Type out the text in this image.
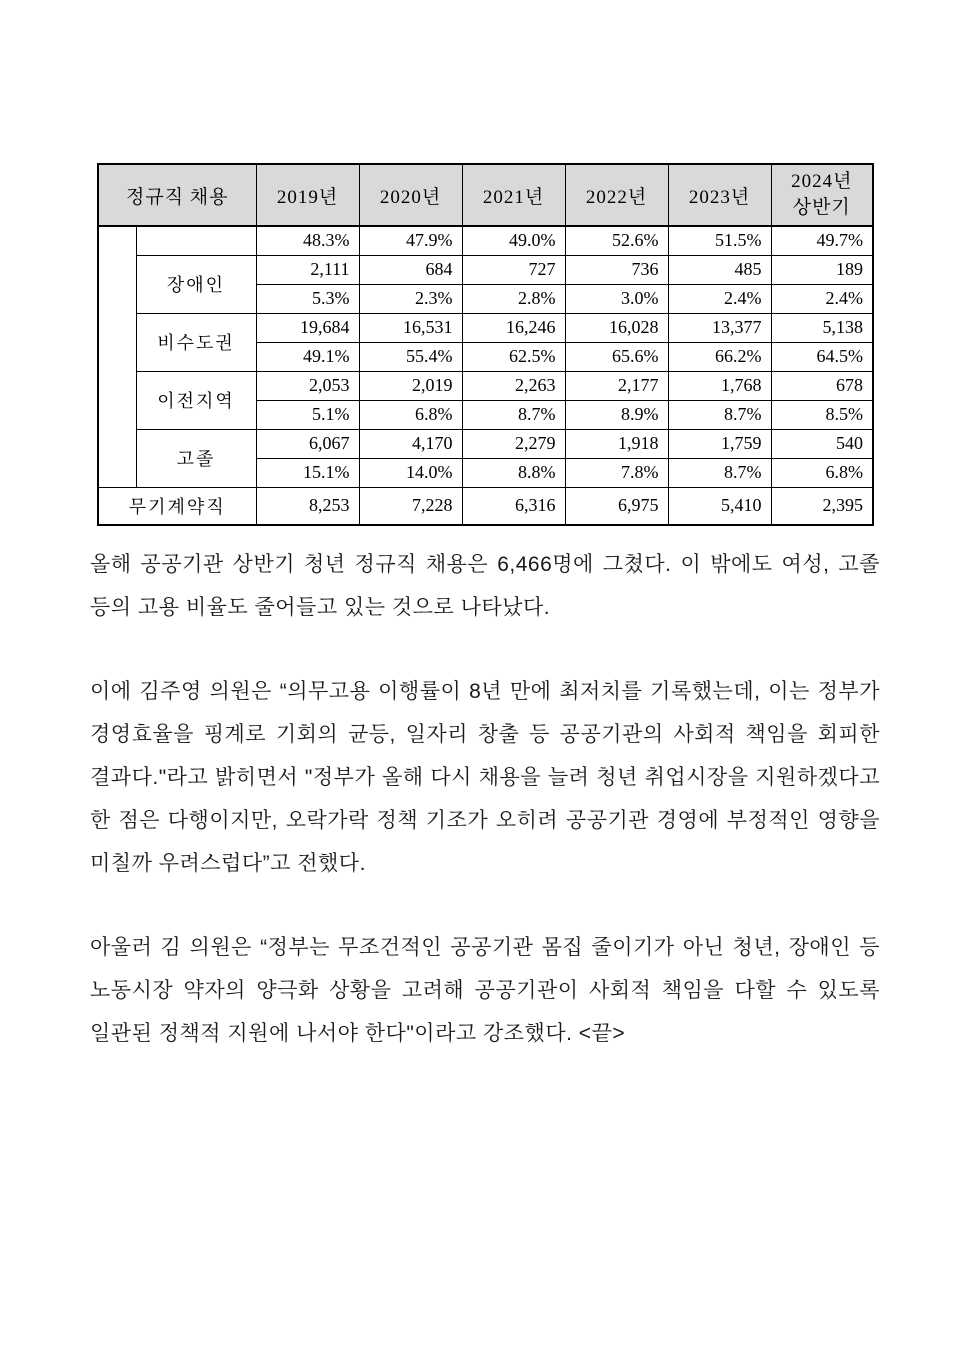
정규직 채용		2019년	2020년	2021년	2022년	2023년	2024년
상반기

		48.3%	47.9%	49.0%	52.6%	51.5%	49.7%
	장애인	2,111	684	727	736	485	189
		5.3%	2.3%	2.8%	3.0%	2.4%	2.4%
	비수도권	19,684	16,531	16,246	16,028	13,377	5,138
		49.1%	55.4%	62.5%	65.6%	66.2%	64.5%
	이전지역	2,053	2,019	2,263	2,177	1,768	678
		5.1%	6.8%	8.7%	8.9%	8.7%	8.5%
	고졸	6,067	4,170	2,279	1,918	1,759	540
		15.1%	14.0%	8.8%	7.8%	8.7%	6.8%
무기계약직		8,253	7,228	6,316	6,975	5,410	2,395

올해 공공기관 상반기 청년 정규직 채용은 6,466명에 그쳤다. 이 밖에도 여성, 고졸 등의 고용 비율도 줄어들고 있는 것으로 나타났다.

이에 김주영 의원은 “의무고용 이행률이 8년 만에 최저치를 기록했는데, 이는 정부가 경영효율을 핑계로 기회의 균등, 일자리 창출 등 공공기관의 사회적 책임을 회피한 결과다."라고 밝히면서 "정부가 올해 다시 채용을 늘려 청년 취업시장을 지원하겠다고 한 점은 다행이지만, 오락가락 정책 기조가 오히려 공공기관 경영에 부정적인 영향을 미칠까 우려스럽다”고 전했다.

아울러 김 의원은 “정부는 무조건적인 공공기관 몸집 줄이기가 아닌 청년, 장애인 등 노동시장 약자의 양극화 상황을 고려해 공공기관이 사회적 책임을 다할 수 있도록 일관된 정책적 지원에 나서야 한다"이라고 강조했다. <끝>
